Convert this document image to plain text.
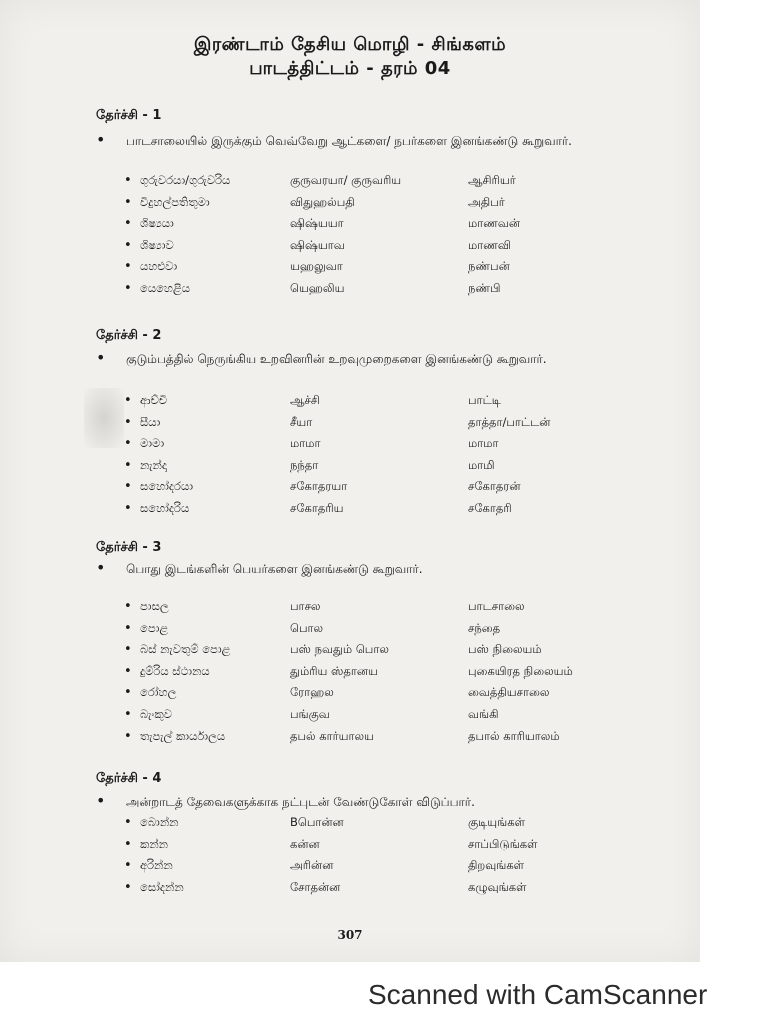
இரண்டாம் தேசிய மொழி - சிங்களம்
பாடத்திட்டம் - தரம் 04
தேர்ச்சி - 1
•	பாடசாலையில் இருக்கும் வெவ்வேறு ஆட்களை/ நபர்களை இனங்கண்டு கூறுவார்.
• ගුරුවරයා/ගුරුවරිය	குருவரயா/ குருவரிய	ஆசிரியர்
• විදුහල්පතිතුමා	விதுஹல்பதி	அதிபர்
• ශිෂ්‍යයා	ஷிஷ்யயா	மாணவன்
• ශිෂ්‍යාව	ஷிஷ்யாவ	மாணவி
• යහළුවා	யஹலுவா	நண்பன்
• යෙහෙළිය	யெஹலிய	நண்பி
தேர்ச்சி - 2
•	குடும்பத்தில் நெருங்கிய உறவினரின் உறவுமுறைகளை இனங்கண்டு கூறுவார்.
• ආච්චි	ஆச்சி	பாட்டி
• සීයා	சீயா	தாத்தா/பாட்டன்
• මාමා	மாமா	மாமா
• නැන්දා	நந்தா	மாமி
• සහෝදරයා	சகோதரயா	சகோதரன்
• සහෝදරිය	சகோதரிய	சகோதரி
தேர்ச்சி - 3
•	பொது இடங்களின் பெயர்களை இனங்கண்டு கூறுவார்.
• පාසල	பாசல	பாடசாலை
• පොළ	பொல	சந்தை
• බස් නැවතුම් පොළ	பஸ் நவதும் பொல	பஸ் நிலையம்
• දුම්රිය ස්ථානය	தும்ரிய ஸ்தானய	புகையிரத நிலையம்
• රෝහල	ரோஹல	வைத்தியசாலை
• බැංකුව	பங்குவ	வங்கி
• තැපැල් කාර්යාලය	தபல் கார்யாலய	தபால் காரியாலம்
தேர்ச்சி - 4
•	அன்றாடத் தேவைகளுக்காக நட்புடன் வேண்டுகோள் விடுப்பார்.
• බොන්න	Bபொன்ன	குடியுங்கள்
• කන්න	கன்ன	சாப்பிடுங்கள்
• අරින්න	அரின்ன	திறவுங்கள்
• සෝදන්න	சோதன்ன	கழுவுங்கள்
307
Scanned with CamScanner
